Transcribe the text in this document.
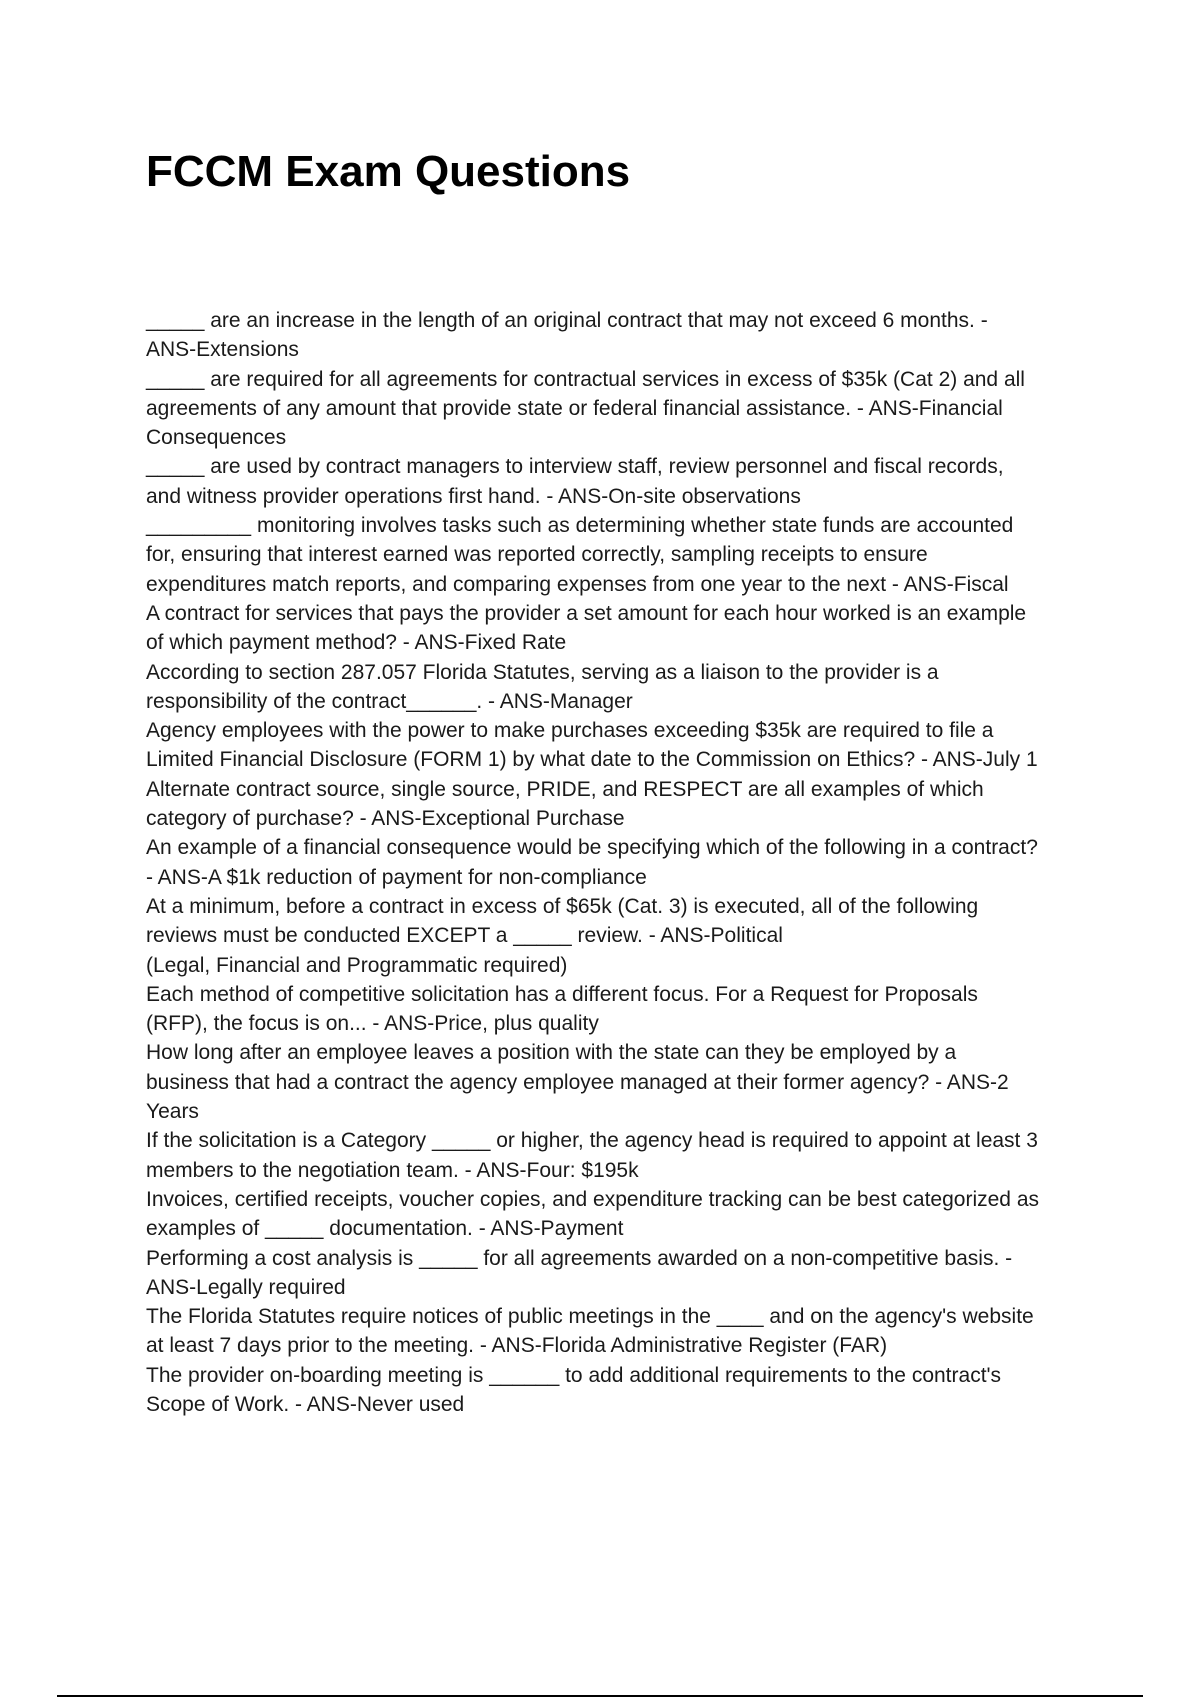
FCCM Exam Questions
_____ are an increase in the length of an original contract that may not exceed 6 months. -
ANS-Extensions
_____ are required for all agreements for contractual services in excess of $35k (Cat 2) and all
agreements of any amount that provide state or federal financial assistance. - ANS-Financial
Consequences
_____ are used by contract managers to interview staff, review personnel and fiscal records,
and witness provider operations first hand. - ANS-On-site observations
_________ monitoring involves tasks such as determining whether state funds are accounted
for, ensuring that interest earned was reported correctly, sampling receipts to ensure
expenditures match reports, and comparing expenses from one year to the next - ANS-Fiscal
A contract for services that pays the provider a set amount for each hour worked is an example
of which payment method? - ANS-Fixed Rate
According to section 287.057 Florida Statutes, serving as a liaison to the provider is a
responsibility of the contract______. - ANS-Manager
Agency employees with the power to make purchases exceeding $35k are required to file a
Limited Financial Disclosure (FORM 1) by what date to the Commission on Ethics? - ANS-July 1
Alternate contract source, single source, PRIDE, and RESPECT are all examples of which
category of purchase? - ANS-Exceptional Purchase
An example of a financial consequence would be specifying which of the following in a contract?
- ANS-A $1k reduction of payment for non-compliance
At a minimum, before a contract in excess of $65k (Cat. 3) is executed, all of the following
reviews must be conducted EXCEPT a _____ review. - ANS-Political
(Legal, Financial and Programmatic required)
Each method of competitive solicitation has a different focus. For a Request for Proposals
(RFP), the focus is on... - ANS-Price, plus quality
How long after an employee leaves a position with the state can they be employed by a
business that had a contract the agency employee managed at their former agency? - ANS-2
Years
If the solicitation is a Category _____ or higher, the agency head is required to appoint at least 3
members to the negotiation team. - ANS-Four: $195k
Invoices, certified receipts, voucher copies, and expenditure tracking can be best categorized as
examples of _____ documentation. - ANS-Payment
Performing a cost analysis is _____ for all agreements awarded on a non-competitive basis. -
ANS-Legally required
The Florida Statutes require notices of public meetings in the ____ and on the agency's website
at least 7 days prior to the meeting. - ANS-Florida Administrative Register (FAR)
The provider on-boarding meeting is ______ to add additional requirements to the contract's
Scope of Work. - ANS-Never used
